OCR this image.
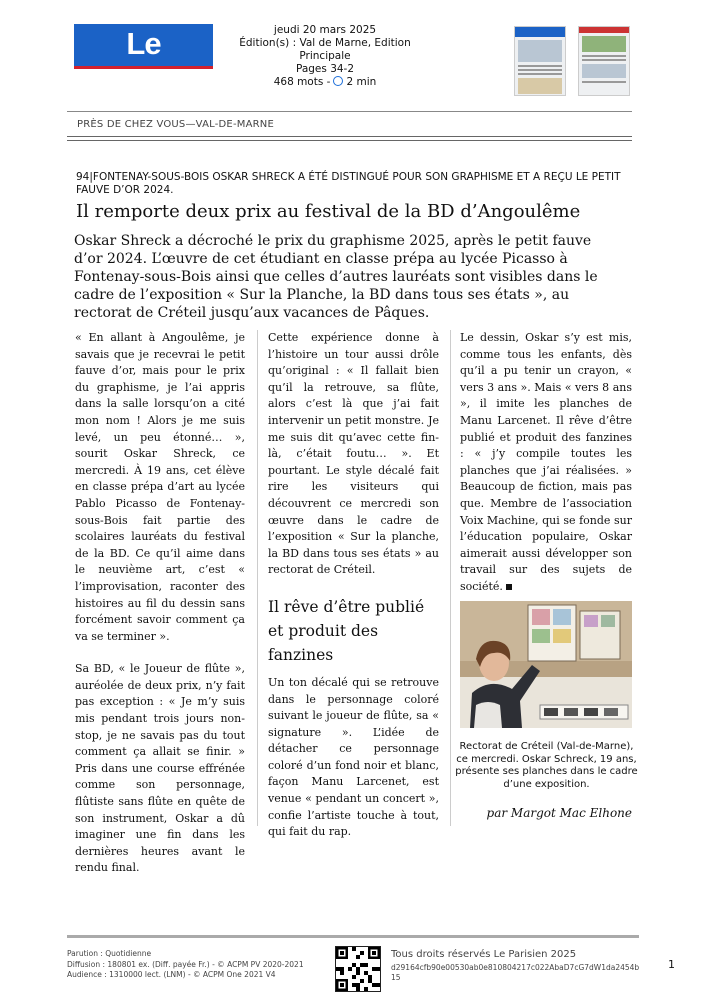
Le Parisien
jeudi 20 mars 2025
Édition(s) : Val de Marne, Edition Principale
Pages 34-2
468 mots - 2 min
PRÈS DE CHEZ VOUS—VAL-DE-MARNE
94|FONTENAY-SOUS-BOIS OSKAR SHRECK A ÉTÉ DISTINGUÉ POUR SON GRAPHISME ET A REÇU LE PETIT FAUVE D’OR 2024.
Il remporte deux prix au festival de la BD d’Angoulême
Oskar Shreck a décroché le prix du graphisme 2025, après le petit fauve d’or 2024. L’œuvre de cet étudiant en classe prépa au lycée Picasso à Fontenay-sous-Bois ainsi que celles d’autres lauréats sont visibles dans le cadre de l’exposition « Sur la Planche, la BD dans tous ses états », au rectorat de Créteil jusqu’aux vacances de Pâques.

« En allant à Angoulême, je savais que je recevrai le petit fauve d’or, mais pour le prix du graphisme, je l’ai appris dans la salle lorsqu’on a cité mon nom ! Alors je me suis levé, un peu étonné… », sourit Oskar Shreck, ce mercredi. À 19 ans, cet élève en classe prépa d’art au lycée Pablo Picasso de Fontenay-sous-Bois fait partie des scolaires lauréats du festival de la BD. Ce qu’il aime dans le neuvième art, c’est « l’improvisation, raconter des histoires au fil du dessin sans forcément savoir comment ça va se terminer ».

Sa BD, « le Joueur de flûte », auréolée de deux prix, n’y fait pas exception : « Je m’y suis mis pendant trois jours non-stop, je ne savais pas du tout comment ça allait se finir. » Pris dans une course effrénée comme son personnage, flûtiste sans flûte en quête de son instrument, Oskar a dû imaginer une fin dans les dernières heures avant le rendu final.

Cette expérience donne à l’histoire un tour aussi drôle qu’original : « Il fallait bien qu’il la retrouve, sa flûte, alors c’est là que j’ai fait intervenir un petit monstre. Je me suis dit qu’avec cette fin-là, c’était foutu… ». Et pourtant. Le style décalé fait rire les visiteurs qui découvrent ce mercredi son œuvre dans le cadre de l’exposition « Sur la planche, la BD dans tous ses états » au rectorat de Créteil.

Il rêve d’être publié et produit des fanzines

Un ton décalé qui se retrouve dans le personnage coloré suivant le joueur de flûte, sa « signature ». L’idée de détacher ce personnage coloré d’un fond noir et blanc, façon Manu Larcenet, est venue « pendant un concert », confie l’artiste touche à tout, qui fait du rap.

Le dessin, Oskar s’y est mis, comme tous les enfants, dès qu’il a pu tenir un crayon, « vers 3 ans ». Mais « vers 8 ans », il imite les planches de Manu Larcenet. Il rêve d’être publié et produit des fanzines : « j’y compile toutes les planches que j’ai réalisées. » Beaucoup de fiction, mais pas que. Membre de l’association Voix Machine, qui se fonde sur l’éducation populaire, Oskar aimerait aussi développer son travail sur des sujets de société.

Rectorat de Créteil (Val-de-Marne), ce mercredi. Oskar Schreck, 19 ans, présente ses planches dans le cadre d’une exposition.
par Margot Mac Elhone
Parution : Quotidienne
Diffusion : 180801 ex. (Diff. payée Fr.) - © ACPM PV 2020-2021
Audience : 1310000 lect. (LNM) - © ACPM One 2021 V4
Tous droits réservés Le Parisien 2025
d29164cfb90e00530ab0e810804217c022AbaD7cG7dW1da2454b15
1
